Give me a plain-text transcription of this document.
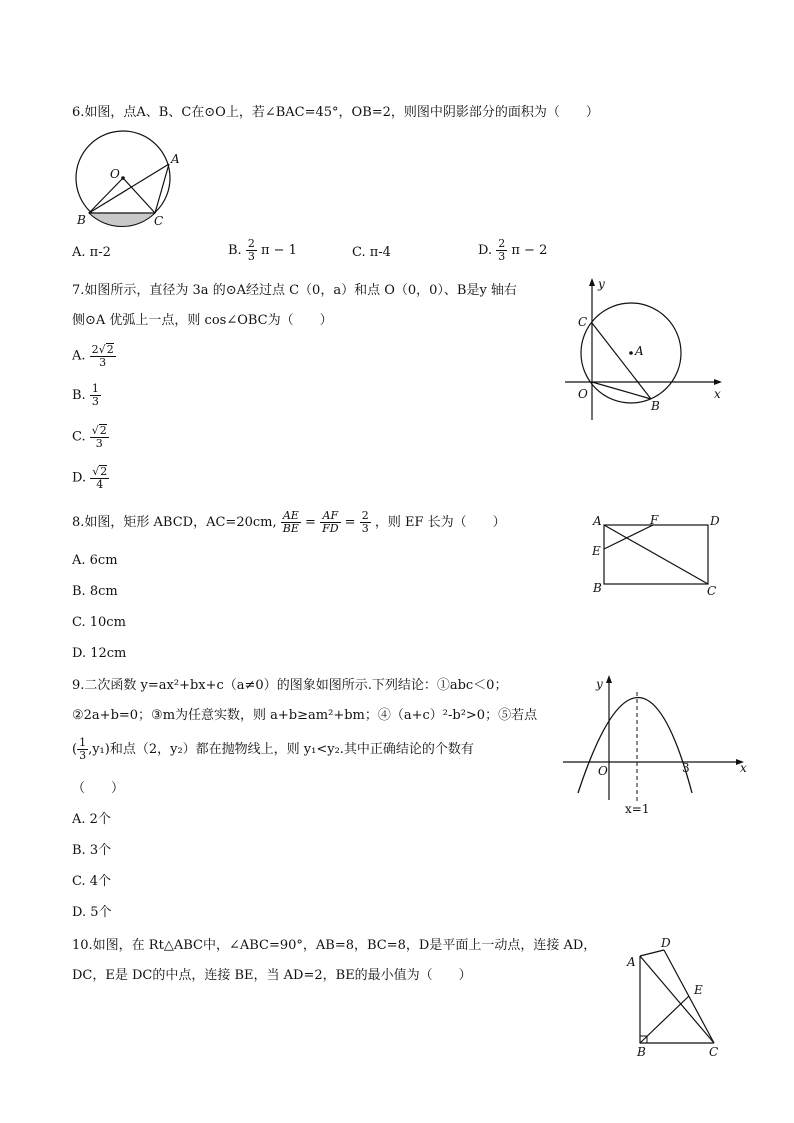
6.如图，点A、B、C在⊙O上，若∠BAC=45°，OB=2，则图中阴影部分的面积为（　　）
O
A
B	C
A. π-2	B. $\frac{2}{3}$ π − 1	C. π-4	D. $\frac{2}{3}$ π − 2
7.如图所示，直径为 3a 的⊙A经过点 C（0，a）和点 O（0，0）、B是y 轴右
侧⊙A 优弧上一点，则 cos∠OBC为（　　）
A. $\frac{2√2}{3}$
B. $\frac{1}{3}$
C. $\frac{√2}{3}$
D. $\frac{√2}{4}$
y
x
C
A
O
B
8.如图，矩形 ABCD，AC=20cm, $\frac{AE}{BE} = \frac{AF}{FD} = \frac{2}{3}$ ，则 EF 长为（　　）
A. 6cm
B. 8cm
C. 10cm
D. 12cm
A	F	D
E
B	C
9.二次函数 y=ax²+bx+c（a≠0）的图象如图所示.下列结论：①abc＜0；
②2a+b=0；③m为任意实数，则 a+b≥am²+bm；④（a+c）²-b²>0；⑤若点
( $\frac{1}{3} ,y_1$)和点（2，y₂）都在抛物线上，则 y₁<y₂.其中正确结论的个数有
（　　）
A. 2个
B. 3个
C. 4个
D. 5个
y
x
O	3
x=1
10.如图，在 Rt△ABC中，∠ABC=90°，AB=8，BC=8，D是平面上一动点，连接 AD，
DC，E是 DC的中点，连接 BE，当 AD=2，BE的最小值为（　　）
D
A
E
B	C
